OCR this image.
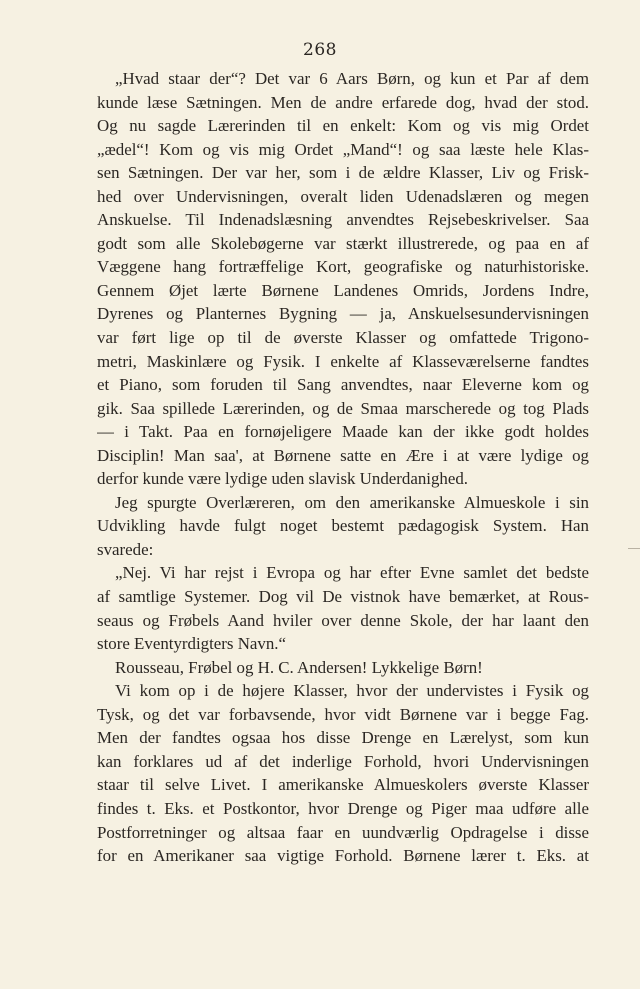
268
„Hvad staar der“? Det var 6 Aars Børn, og kun et Par af dem
kunde læse Sætningen. Men de andre erfarede dog, hvad der stod.
Og nu sagde Lærerinden til en enkelt: Kom og vis mig Ordet
„ædel“! Kom og vis mig Ordet „Mand“! og saa læste hele Klas-
sen Sætningen. Der var her, som i de ældre Klasser, Liv og Frisk-
hed over Undervisningen, overalt liden Udenadslæren og megen
Anskuelse. Til Indenadslæsning anvendtes Rejsebeskrivelser. Saa
godt som alle Skolebøgerne var stærkt illustrerede, og paa en af
Væggene hang fortræffelige Kort, geografiske og naturhistoriske.
Gennem Øjet lærte Børnene Landenes Omrids, Jordens Indre,
Dyrenes og Planternes Bygning — ja, Anskuelsesundervisningen
var ført lige op til de øverste Klasser og omfattede Trigono-
metri, Maskinlære og Fysik. I enkelte af Klasseværelserne fandtes
et Piano, som foruden til Sang anvendtes, naar Eleverne kom og
gik. Saa spillede Lærerinden, og de Smaa marscherede og tog Plads
— i Takt. Paa en fornøjeligere Maade kan der ikke godt holdes
Disciplin! Man saa', at Børnene satte en Ære i at være lydige og
derfor kunde være lydige uden slavisk Underdanighed.
Jeg spurgte Overlæreren, om den amerikanske Almueskole i sin
Udvikling havde fulgt noget bestemt pædagogisk System. Han
svarede:
„Nej. Vi har rejst i Evropa og har efter Evne samlet det bedste
af samtlige Systemer. Dog vil De vistnok have bemærket, at Rous-
seaus og Frøbels Aand hviler over denne Skole, der har laant den
store Eventyrdigters Navn.“
Rousseau, Frøbel og H. C. Andersen! Lykkelige Børn!
Vi kom op i de højere Klasser, hvor der undervistes i Fysik og
Tysk, og det var forbavsende, hvor vidt Børnene var i begge Fag.
Men der fandtes ogsaa hos disse Drenge en Lærelyst, som kun
kan forklares ud af det inderlige Forhold, hvori Undervisningen
staar til selve Livet. I amerikanske Almueskolers øverste Klasser
findes t. Eks. et Postkontor, hvor Drenge og Piger maa udføre alle
Postforretninger og altsaa faar en uundværlig Opdragelse i disse
for en Amerikaner saa vigtige Forhold. Børnene lærer t. Eks. at
